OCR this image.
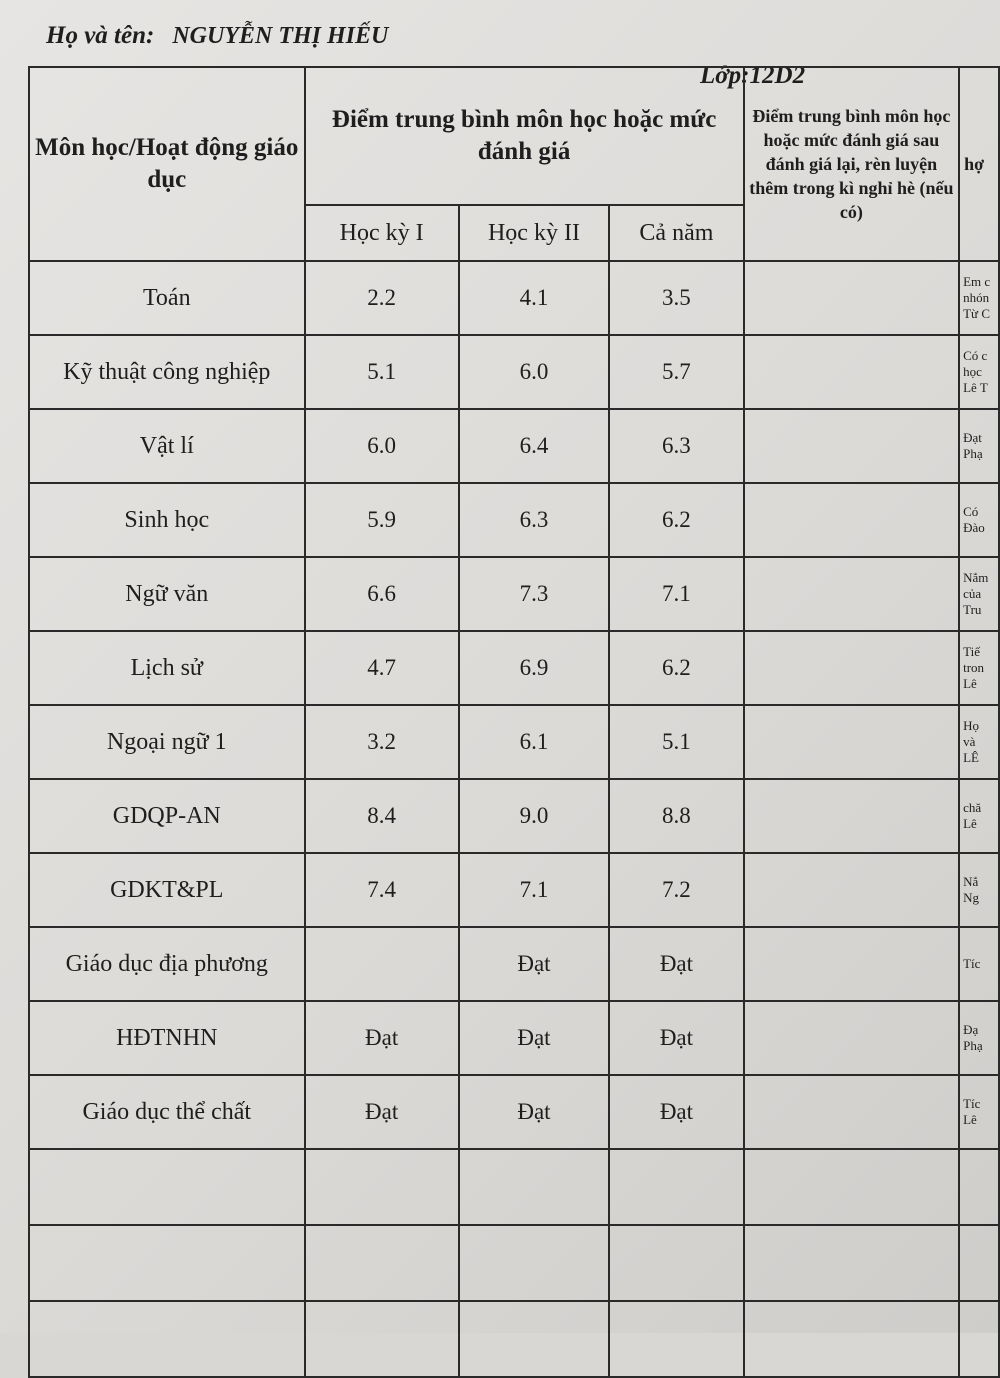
Họ và tên: NGUYỄN THỊ HIẾU
Lớp:12D2
Môn học/Hoạt động giáo dục	Điểm trung bình môn học hoặc mức đánh giá			Điểm trung bình môn học hoặc mức đánh giá sau đánh giá lại, rèn luyện thêm trong kì nghỉ hè (nếu có)	hợ
	Học kỳ I	Học kỳ II	Cả năm		
Toán	2.2	4.1	3.5		Em c
nhón
Từ C
Kỹ thuật công nghiệp	5.1	6.0	5.7		Có c
học
Lê T
Vật lí	6.0	6.4	6.3		Đạt
Phạ
Sinh học	5.9	6.3	6.2		Có
Đào
Ngữ văn	6.6	7.3	7.1		Nắm
của
Tru
Lịch sử	4.7	6.9	6.2		Tiế
tron
Lê
Ngoại ngữ 1	3.2	6.1	5.1		Họ
và
LÊ
GDQP-AN	8.4	9.0	8.8		chă
Lê
GDKT&PL	7.4	7.1	7.2		Nắ
Ng
Giáo dục địa phương		Đạt	Đạt		Tíc
HĐTNHN	Đạt	Đạt	Đạt		Đạ
Phạ
Giáo dục thể chất	Đạt	Đạt	Đạt		Tíc
Lê
